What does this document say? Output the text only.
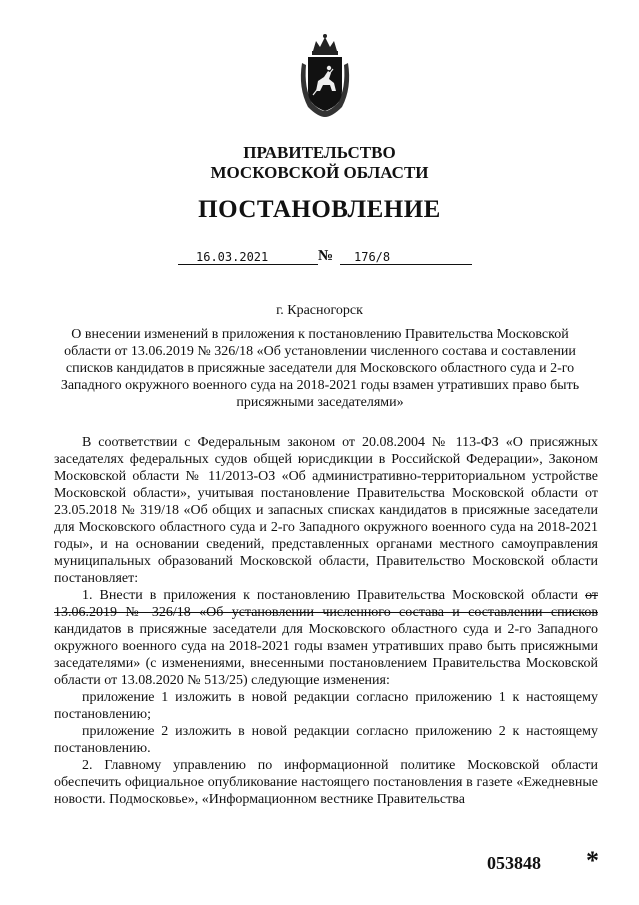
ПРАВИТЕЛЬСТВО
МОСКОВСКОЙ ОБЛАСТИ
ПОСТАНОВЛЕНИЕ
16.03.2021	№	176/8
г. Красногорск
О внесении изменений в приложения к постановлению Правительства Московской области от 13.06.2019 № 326/18 «Об установлении численного состава и составлении списков кандидатов в присяжные заседатели для Московского областного суда и 2-го Западного окружного военного суда на 2018-2021 годы взамен утративших право быть присяжными заседателями»

В соответствии с Федеральным законом от 20.08.2004 № 113-ФЗ «О присяжных заседателях федеральных судов общей юрисдикции в Российской Федерации», Законом Московской области № 11/2013-ОЗ «Об административно-территориальном устройстве Московской области», учитывая постановление Правительства Московской области от 23.05.2018 № 319/18 «Об общих и запасных списках кандидатов в присяжные заседатели для Московского областного суда и 2-го Западного окружного военного суда на 2018-2021 годы», и на основании сведений, представленных органами местного самоуправления муниципальных образований Московской области, Правительство Московской области постановляет:

1. Внести в приложения к постановлению Правительства Московской области от 13.06.2019 № 326/18 «Об установлении численного состава и составлении списков кандидатов в присяжные заседатели для Московского областного суда и 2-го Западного окружного военного суда на 2018-2021 годы взамен утративших право быть присяжными заседателями» (с изменениями, внесенными постановлением Правительства Московской области от 13.08.2020 № 513/25) следующие изменения:

приложение 1 изложить в новой редакции согласно приложению 1 к настоящему постановлению;

приложение 2 изложить в новой редакции согласно приложению 2 к настоящему постановлению.

2. Главному управлению по информационной политике Московской области обеспечить официальное опубликование настоящего постановления в газете «Ежедневные новости. Подмосковье», «Информационном вестнике Правительства

053848 *
